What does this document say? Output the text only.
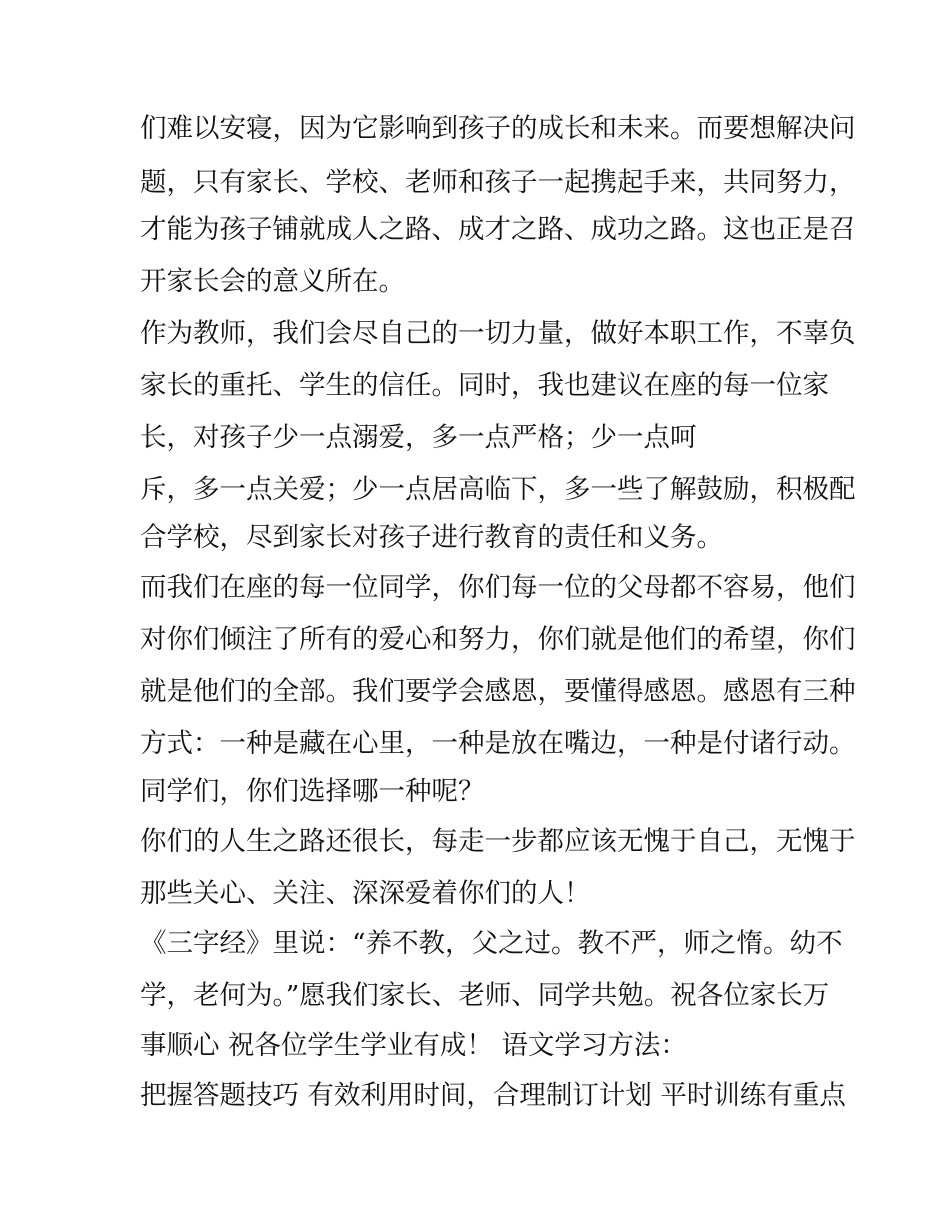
们难以安寝，因为它影响到孩子的成长和未来。而要想解决问

题，只有家长、学校、老师和孩子一起携起手来，共同努力，

才能为孩子铺就成人之路、成才之路、成功之路。这也正是召

开家长会的意义所在。

作为教师，我们会尽自己的一切力量，做好本职工作，不辜负

家长的重托、学生的信任。同时，我也建议在座的每一位家

长，对孩子少一点溺爱，多一点严格；少一点呵

斥，多一点关爱；少一点居高临下，多一些了解鼓励，积极配

合学校，尽到家长对孩子进行教育的责任和义务。

而我们在座的每一位同学，你们每一位的父母都不容易，他们

对你们倾注了所有的爱心和努力，你们就是他们的希望，你们

就是他们的全部。我们要学会感恩，要懂得感恩。感恩有三种

方式：一种是藏在心里，一种是放在嘴边，一种是付诸行动。

同学们，你们选择哪一种呢？

你们的人生之路还很长，每走一步都应该无愧于自己，无愧于

那些关心、关注、深深爱着你们的人！

《三字经》里说：“养不教，父之过。教不严，师之惰。幼不

学，老何为。”愿我们家长、老师、同学共勉。祝各位家长万

事顺心 祝各位学生学业有成！ 语文学习方法：

把握答题技巧 有效利用时间，合理制订计划 平时训练有重点
